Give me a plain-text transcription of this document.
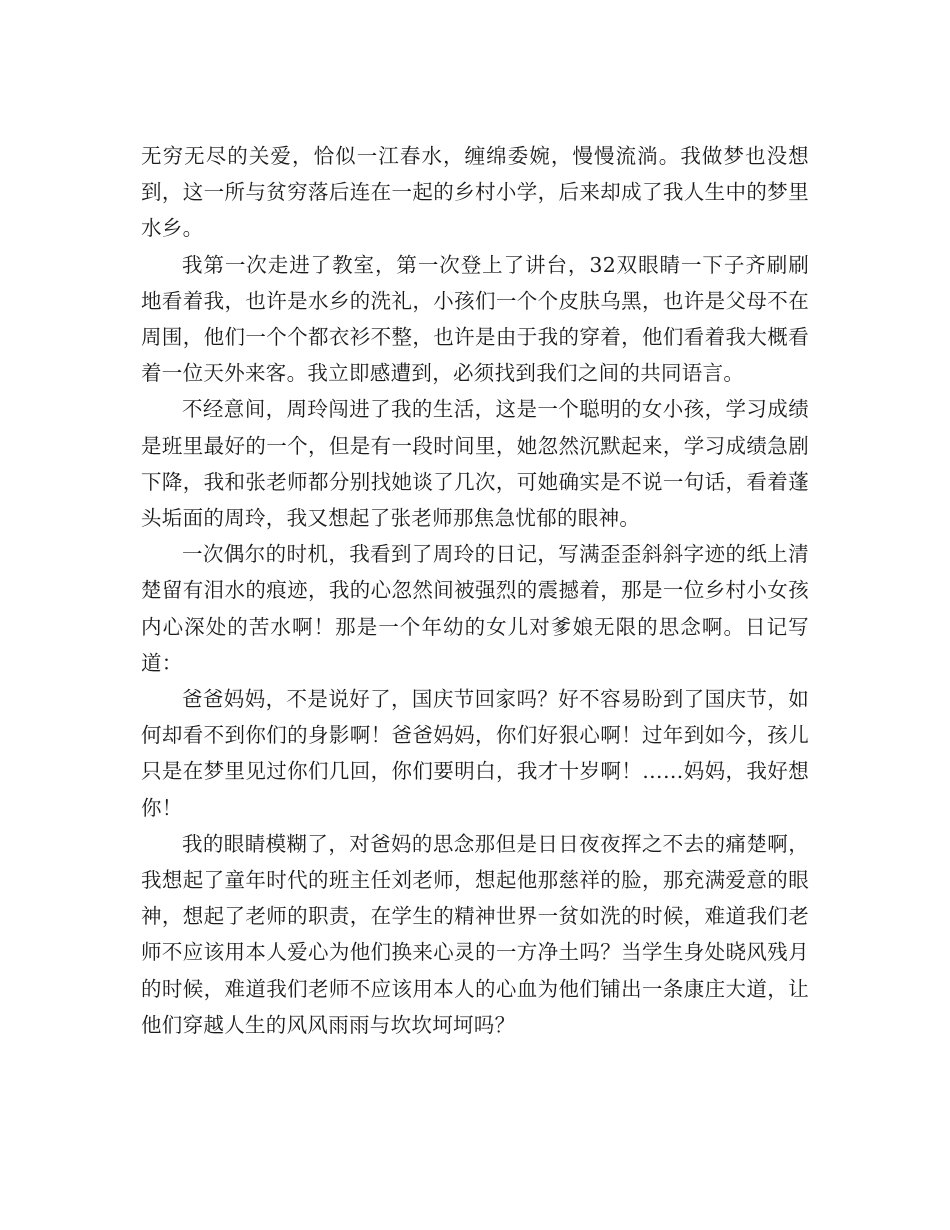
无穷无尽的关爱，恰似一江春水，缠绵委婉，慢慢流淌。我做梦也没想到，这一所与贫穷落后连在一起的乡村小学，后来却成了我人生中的梦里水乡。

我第一次走进了教室，第一次登上了讲台，32双眼睛一下子齐刷刷地看着我，也许是水乡的洗礼，小孩们一个个皮肤乌黑，也许是父母不在周围，他们一个个都衣衫不整，也许是由于我的穿着，他们看着我大概看着一位天外来客。我立即感遭到，必须找到我们之间的共同语言。

不经意间，周玲闯进了我的生活，这是一个聪明的女小孩，学习成绩是班里最好的一个，但是有一段时间里，她忽然沉默起来，学习成绩急剧下降，我和张老师都分别找她谈了几次，可她确实是不说一句话，看着蓬头垢面的周玲，我又想起了张老师那焦急忧郁的眼神。

一次偶尔的时机，我看到了周玲的日记，写满歪歪斜斜字迹的纸上清楚留有泪水的痕迹，我的心忽然间被强烈的震撼着，那是一位乡村小女孩内心深处的苦水啊！那是一个年幼的女儿对爹娘无限的思念啊。日记写道：

爸爸妈妈，不是说好了，国庆节回家吗？好不容易盼到了国庆节，如何却看不到你们的身影啊！爸爸妈妈，你们好狠心啊！过年到如今，孩儿只是在梦里见过你们几回，你们要明白，我才十岁啊！……妈妈，我好想你！

我的眼睛模糊了，对爸妈的思念那但是日日夜夜挥之不去的痛楚啊，我想起了童年时代的班主任刘老师，想起他那慈祥的脸，那充满爱意的眼神，想起了老师的职责，在学生的精神世界一贫如洗的时候，难道我们老师不应该用本人爱心为他们换来心灵的一方净土吗？当学生身处晓风残月的时候，难道我们老师不应该用本人的心血为他们铺出一条康庄大道，让他们穿越人生的风风雨雨与坎坎坷坷吗？
